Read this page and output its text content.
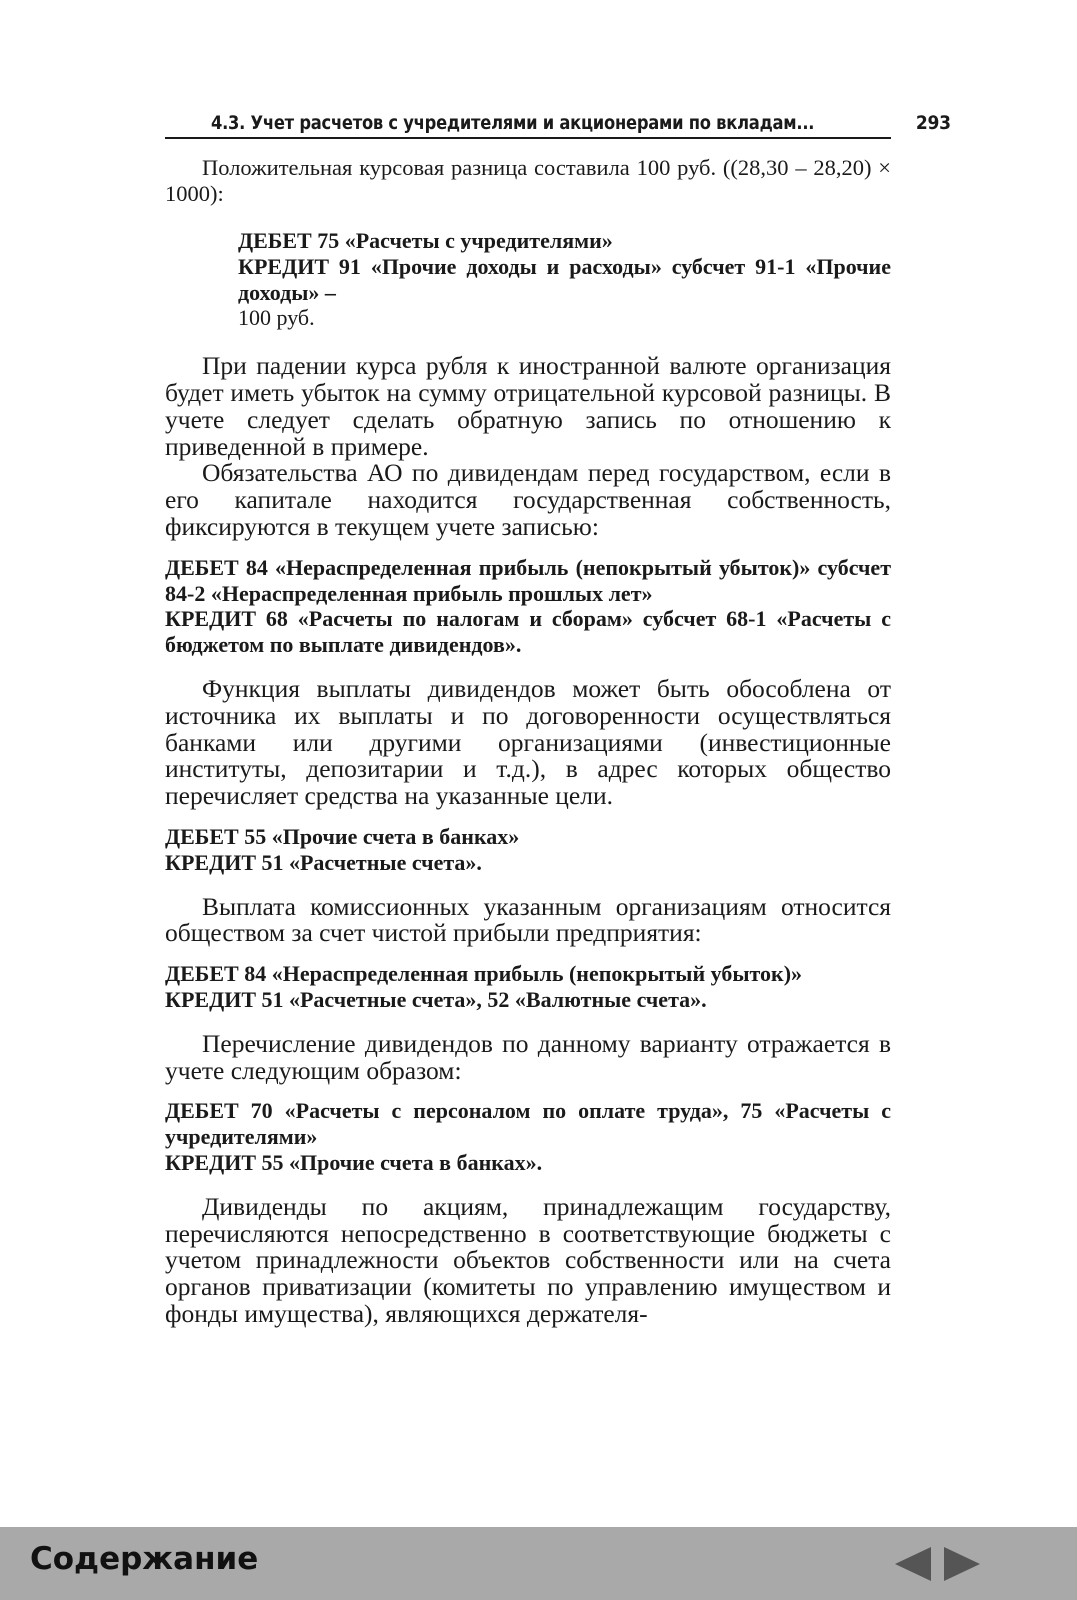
4.3. Учет расчетов с учредителями и акционерами по вкладам...	293

Положительная курсовая разница составила 100 руб. ((28,30 – 28,20) × 1000):

ДЕБЕТ 75 «Расчеты с учредителями»
КРЕДИТ 91 «Прочие доходы и расходы» субсчет 91-1 «Прочие доходы» –
100 руб.

При падении курса рубля к иностранной валюте организация будет иметь убыток на сумму отрицательной курсовой разницы. В учете следует сделать обратную запись по отношению к приведенной в примере.

Обязательства АО по дивидендам перед государством, если в его капитале находится государственная собственность, фиксируются в текущем учете записью:

ДЕБЕТ 84 «Нераспределенная прибыль (непокрытый убыток)» субсчет 84-2 «Нераспределенная прибыль прошлых лет»
КРЕДИТ 68 «Расчеты по налогам и сборам» субсчет 68-1 «Расчеты с бюджетом по выплате дивидендов».

Функция выплаты дивидендов может быть обособлена от источника их выплаты и по договоренности осуществляться банками или другими организациями (инвестиционные институты, депозитарии и т.д.), в адрес которых общество перечисляет средства на указанные цели.

ДЕБЕТ 55 «Прочие счета в банках»
КРЕДИТ 51 «Расчетные счета».

Выплата комиссионных указанным организациям относится обществом за счет чистой прибыли предприятия:

ДЕБЕТ 84 «Нераспределенная прибыль (непокрытый убыток)»
КРЕДИТ 51 «Расчетные счета», 52 «Валютные счета».

Перечисление дивидендов по данному варианту отражается в учете следующим образом:

ДЕБЕТ 70 «Расчеты с персоналом по оплате труда», 75 «Расчеты с учредителями»
КРЕДИТ 55 «Прочие счета в банках».

Дивиденды по акциям, принадлежащим государству, перечисляются непосредственно в соответствующие бюджеты с учетом принадлежности объектов собственности или на счета органов приватизации (комитеты по управлению имуществом и фонды имущества), являющихся держателя-

Содержание
